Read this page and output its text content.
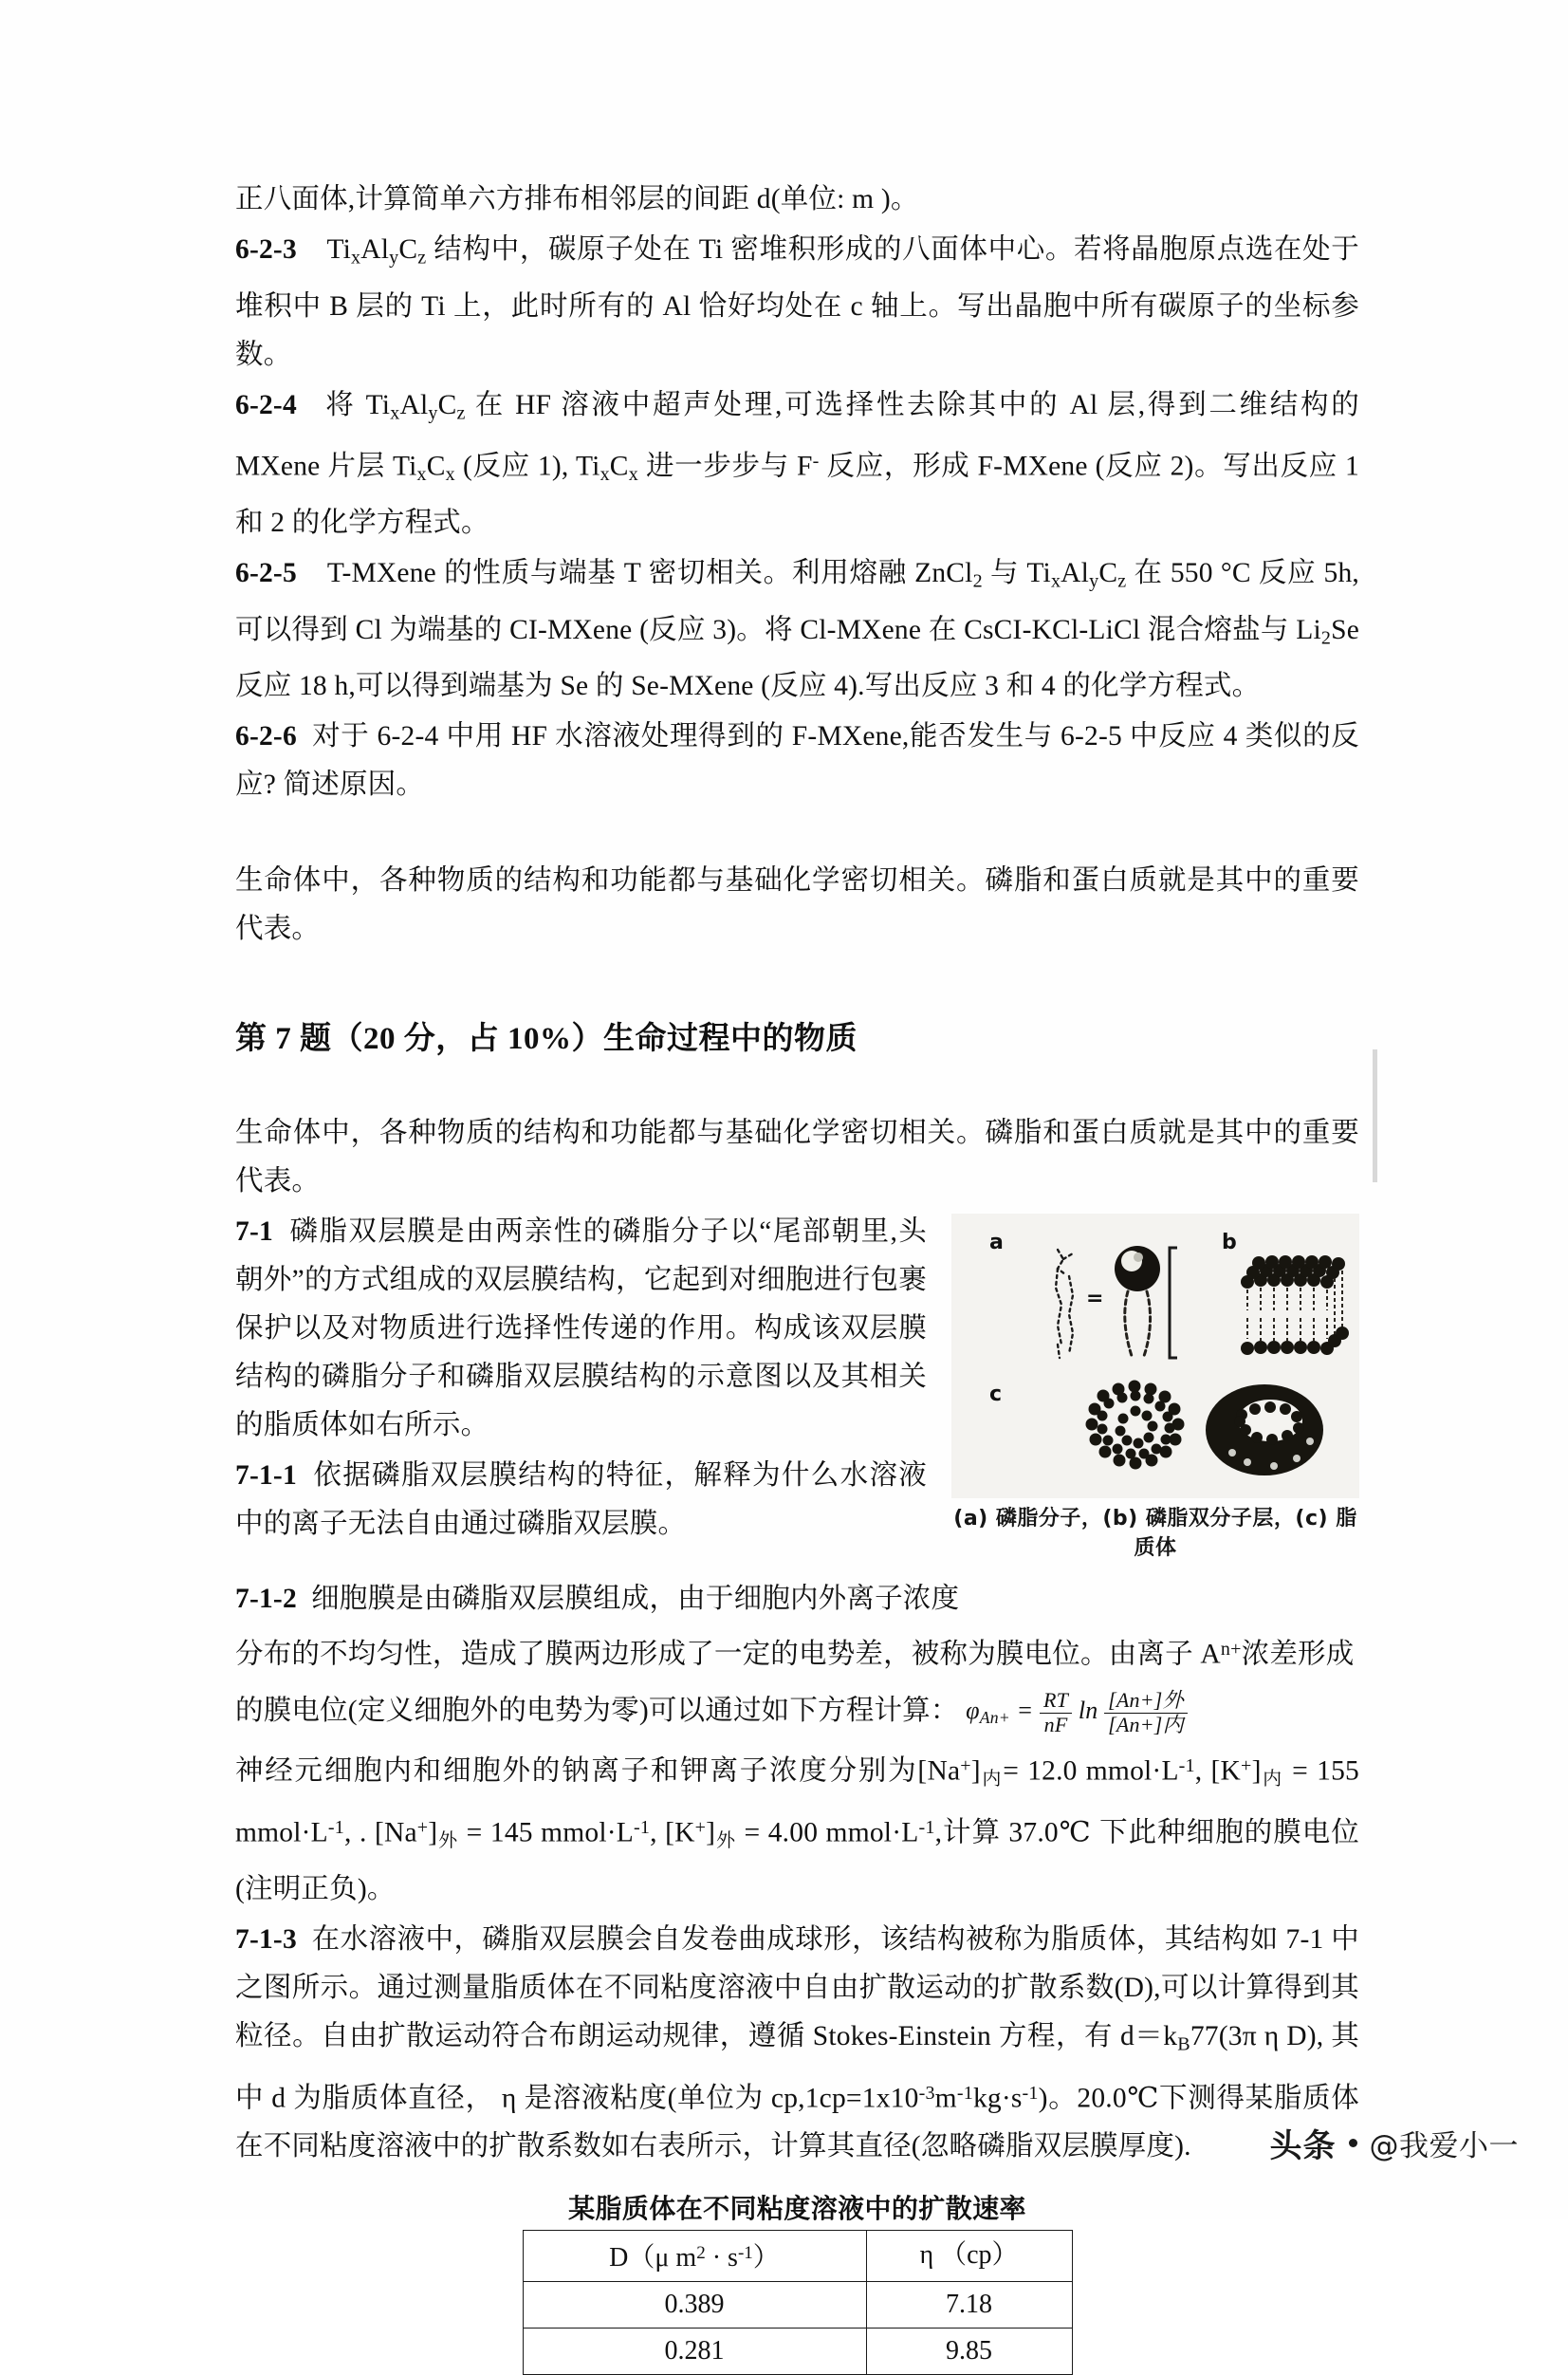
正八面体,计算简单六方排布相邻层的间距 d(单位: m )。

6-2-3    $Ti_xAl_yC_z$ 结构中，碳原子处在 Ti 密堆积形成的八面体中心。若将晶胞原点选在处于堆积中 B 层的 Ti 上，此时所有的 Al 恰好均处在 c 轴上。写出晶胞中所有碳原子的坐标参数。

6-2-4   将 $Ti_xAl_yC_z$ 在 HF 溶液中超声处理,可选择性去除其中的 Al 层,得到二维结构的 MXene 片层 $Ti_xC_x$ (反应 1), $Ti_xC_x$ 进一步步与 F- 反应，形成 F-MXene (反应 2)。写出反应 1 和 2 的化学方程式。

6-2-5    T-MXene 的性质与端基 T 密切相关。利用熔融 ZnCl$_2$ 与 $Ti_xAl_yC_z$ 在 550 °C 反应 5h,可以得到 Cl 为端基的 CI-MXene (反应 3)。将 Cl-MXene 在 CsCI-KCl-LiCl 混合熔盐与 $Li_2Se$ 反应 18 h,可以得到端基为 Se 的 Se-MXene (反应 4).写出反应 3 和 4 的化学方程式。

6-2-6 对于 6-2-4 中用 HF 水溶液处理得到的 F-MXene,能否发生与 6-2-5 中反应 4 类似的反应? 简述原因。

生命体中，各种物质的结构和功能都与基础化学密切相关。磷脂和蛋白质就是其中的重要代表。

第 7 题（20 分，占 10%）生命过程中的物质

生命体中，各种物质的结构和功能都与基础化学密切相关。磷脂和蛋白质就是其中的重要代表。

a	b
c
=
(a) 磷脂分子，(b) 磷脂双分子层，(c) 脂质体

7-1 磷脂双层膜是由两亲性的磷脂分子以“尾部朝里,头朝外”的方式组成的双层膜结构，它起到对细胞进行包裹保护以及对物质进行选择性传递的作用。构成该双层膜结构的磷脂分子和磷脂双层膜结构的示意图以及其相关的脂质体如右所示。

7-1-1 依据磷脂双层膜结构的特征，解释为什么水溶液中的离子无法自由通过磷脂双层膜。

7-1-2 细胞膜是由磷脂双层膜组成，由于细胞内外离子浓度

分布的不均匀性，造成了膜两边形成了一定的电势差，被称为膜电位。由离子 $A^{n+}$浓差形成

的膜电位(定义细胞外的电势为零)可以通过如下方程计算： $\varphi_{An+} = \frac{RT}{nF}$ $\ln \frac{\text{[An+]外}}{\text{[An+]内}}$

神经元细胞内和细胞外的钠离子和钾离子浓度分别为$[Na^+]_内= 12.0$ $mmol\cdot L^{-1}$, $[K^+]_内 = 155$ $mmol\cdot L^{-1}$, . $[Na^+]_外 = 145$ $mmol\cdot L^{-1}$, $[K^+]_外 = 4.00$ $mmol\cdot L^{-1}$,计算 37.0℃ 下此种细胞的膜电位(注明正负)。

7-1-3  在水溶液中，磷脂双层膜会自发卷曲成球形，该结构被称为脂质体，其结构如 7-1 中之图所示。通过测量脂质体在不同粘度溶液中自由扩散运动的扩散系数(D),可以计算得到其粒径。自由扩散运动符合布朗运动规律，遵循 Stokes-Einstein 方程，有 $d=k_B77(3\pi$ η D), 其中 d 为脂质体直径， η 是溶液粘度(单位为 $cp,1cp=1x10^{-3}m^{-1}kg\cdot s^{-1}$)。20.0℃下测得某脂质体在不同粘度溶液中的扩散系数如右表所示，计算其直径(忽略磷脂双层膜厚度).

某脂质体在不同粘度溶液中的扩散速率
D（μ $m^2 \cdot s^{-1}$）	η （cp）
0.389	7.18
0.281	9.85
头条 @我爱小一
